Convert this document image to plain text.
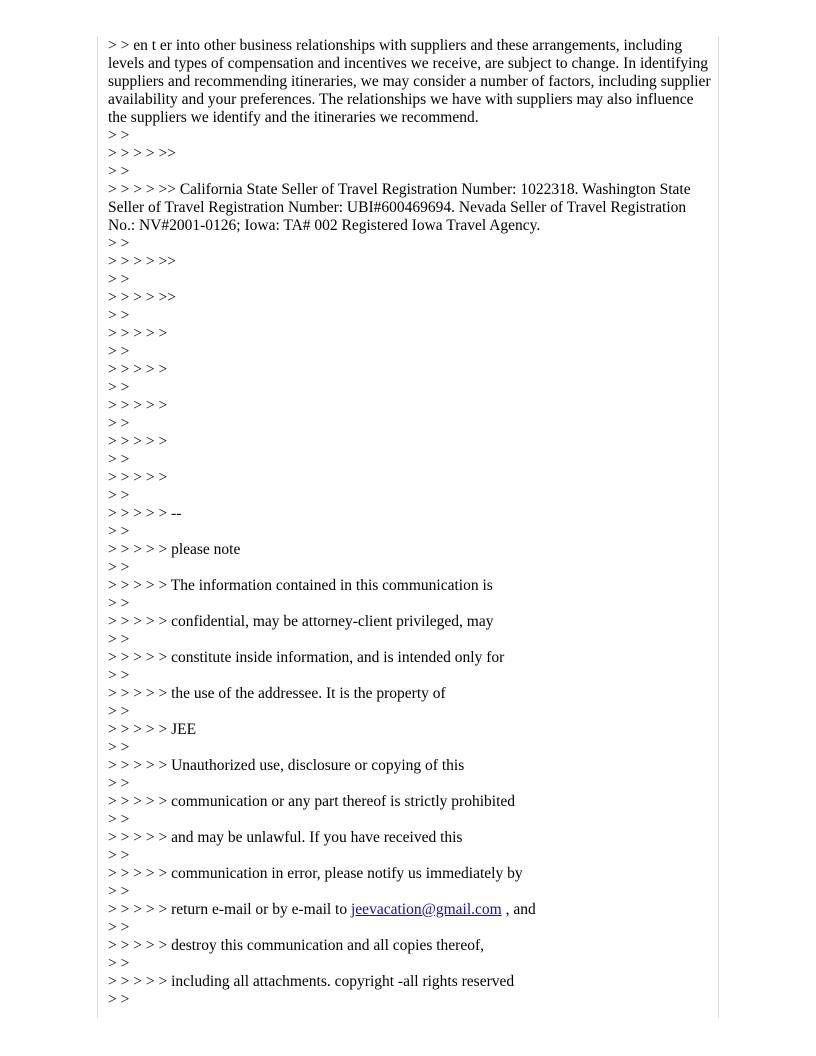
> > en t er into other business relationships with suppliers and these arrangements, including levels and types of compensation and incentives we receive, are subject to change. In identifying suppliers and recommending itineraries, we may consider a number of factors, including supplier availability and your preferences. The relationships we have with suppliers may also influence the suppliers we identify and the itineraries we recommend.

> >

> > > > >>

> >

> > > > >> California State Seller of Travel Registration Number: 1022318. Washington State Seller of Travel Registration Number: UBI#600469694. Nevada Seller of Travel Registration No.: NV#2001-0126; Iowa: TA# 002 Registered Iowa Travel Agency.

> >

> > > > >>

> >

> > > > >>

> >

> > > > >

> >

> > > > >

> >

> > > > >

> >

> > > > >

> >

> > > > >

> >

> > > > > --

> >

> > > > > please note

> >

> > > > > The information contained in this communication is

> >

> > > > > confidential, may be attorney-client privileged, may

> >

> > > > > constitute inside information, and is intended only for

> >

> > > > > the use of the addressee. It is the property of

> >

> > > > > JEE

> >

> > > > > Unauthorized use, disclosure or copying of this

> >

> > > > > communication or any part thereof is strictly prohibited

> >

> > > > > and may be unlawful. If you have received this

> >

> > > > > communication in error, please notify us immediately by

> >

> > > > > return e-mail or by e-mail to jeevacation@gmail.com , and

> >

> > > > > destroy this communication and all copies thereof,

> >

> > > > > including all attachments. copyright -all rights reserved

> >
